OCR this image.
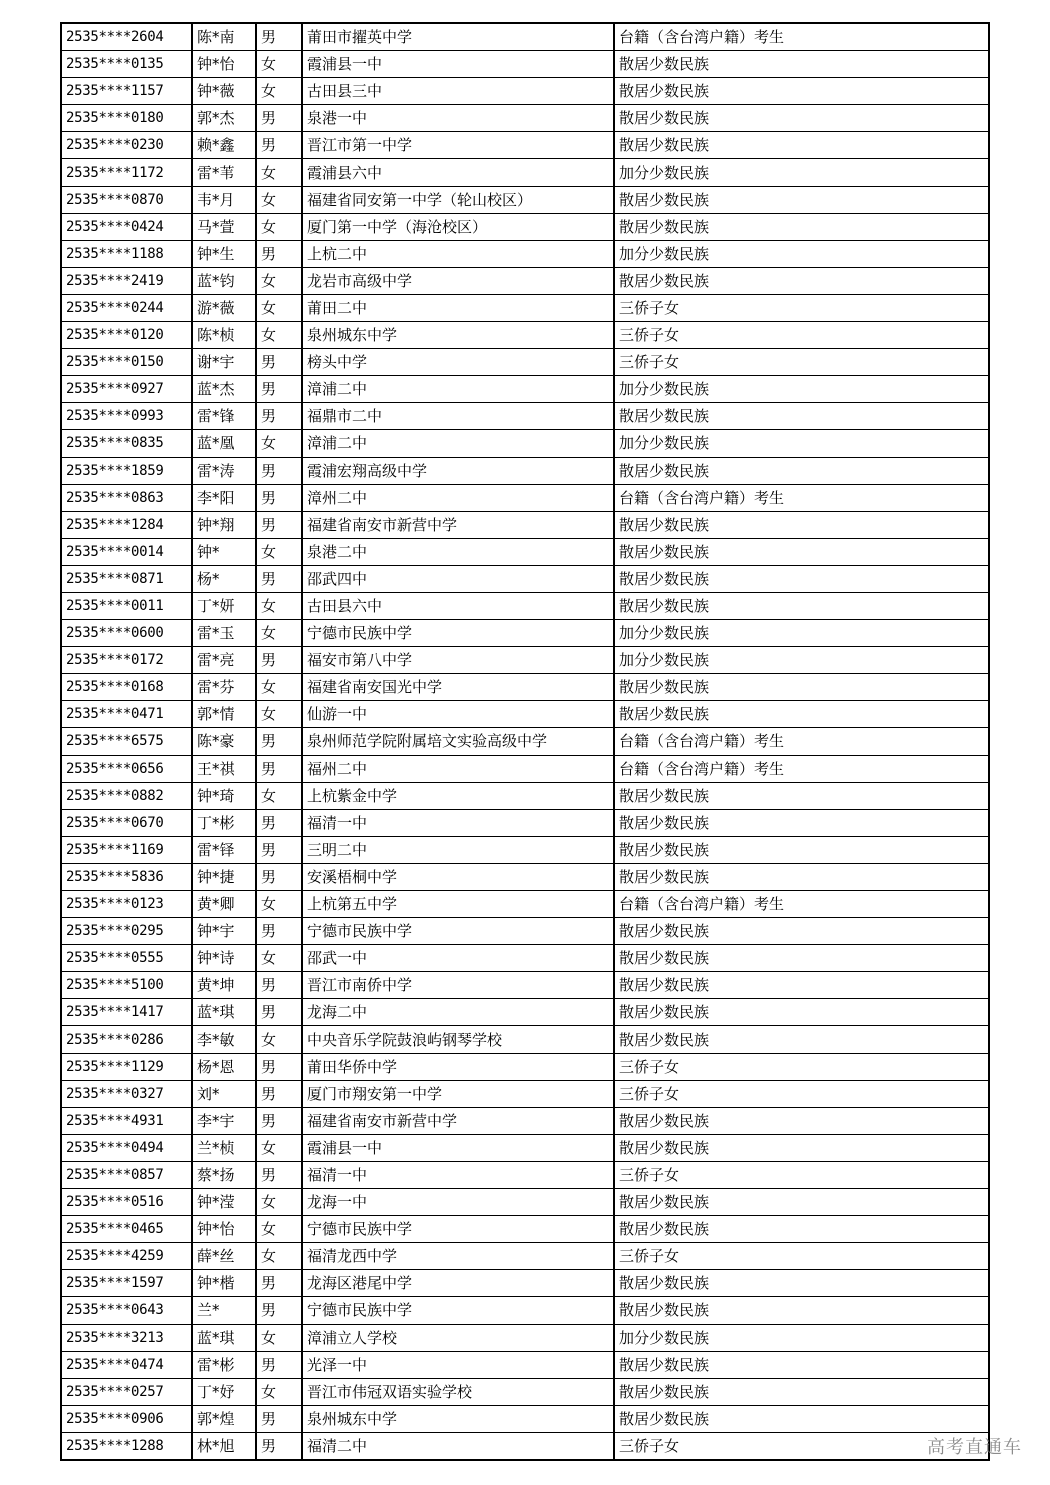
2535****2604	陈*南	男	莆田市擢英中学	台籍（含台湾户籍）考生
2535****0135	钟*怡	女	霞浦县一中	散居少数民族
2535****1157	钟*薇	女	古田县三中	散居少数民族
2535****0180	郭*杰	男	泉港一中	散居少数民族
2535****0230	赖*鑫	男	晋江市第一中学	散居少数民族
2535****1172	雷*苇	女	霞浦县六中	加分少数民族
2535****0870	韦*月	女	福建省同安第一中学（轮山校区）	散居少数民族
2535****0424	马*萱	女	厦门第一中学（海沧校区）	散居少数民族
2535****1188	钟*生	男	上杭二中	加分少数民族
2535****2419	蓝*钧	女	龙岩市高级中学	散居少数民族
2535****0244	游*薇	女	莆田二中	三侨子女
2535****0120	陈*桢	女	泉州城东中学	三侨子女
2535****0150	谢*宇	男	榜头中学	三侨子女
2535****0927	蓝*杰	男	漳浦二中	加分少数民族
2535****0993	雷*锋	男	福鼎市二中	散居少数民族
2535****0835	蓝*凰	女	漳浦二中	加分少数民族
2535****1859	雷*涛	男	霞浦宏翔高级中学	散居少数民族
2535****0863	李*阳	男	漳州二中	台籍（含台湾户籍）考生
2535****1284	钟*翔	男	福建省南安市新营中学	散居少数民族
2535****0014	钟*	女	泉港二中	散居少数民族
2535****0871	杨*	男	邵武四中	散居少数民族
2535****0011	丁*妍	女	古田县六中	散居少数民族
2535****0600	雷*玉	女	宁德市民族中学	加分少数民族
2535****0172	雷*亮	男	福安市第八中学	加分少数民族
2535****0168	雷*芬	女	福建省南安国光中学	散居少数民族
2535****0471	郭*情	女	仙游一中	散居少数民族
2535****6575	陈*豪	男	泉州师范学院附属培文实验高级中学	台籍（含台湾户籍）考生
2535****0656	王*祺	男	福州二中	台籍（含台湾户籍）考生
2535****0882	钟*琦	女	上杭紫金中学	散居少数民族
2535****0670	丁*彬	男	福清一中	散居少数民族
2535****1169	雷*铎	男	三明二中	散居少数民族
2535****5836	钟*捷	男	安溪梧桐中学	散居少数民族
2535****0123	黄*卿	女	上杭第五中学	台籍（含台湾户籍）考生
2535****0295	钟*宇	男	宁德市民族中学	散居少数民族
2535****0555	钟*诗	女	邵武一中	散居少数民族
2535****5100	黄*坤	男	晋江市南侨中学	散居少数民族
2535****1417	蓝*琪	男	龙海二中	散居少数民族
2535****0286	李*敏	女	中央音乐学院鼓浪屿钢琴学校	散居少数民族
2535****1129	杨*恩	男	莆田华侨中学	三侨子女
2535****0327	刘*	男	厦门市翔安第一中学	三侨子女
2535****4931	李*宇	男	福建省南安市新营中学	散居少数民族
2535****0494	兰*桢	女	霞浦县一中	散居少数民族
2535****0857	蔡*扬	男	福清一中	三侨子女
2535****0516	钟*滢	女	龙海一中	散居少数民族
2535****0465	钟*怡	女	宁德市民族中学	散居少数民族
2535****4259	薛*丝	女	福清龙西中学	三侨子女
2535****1597	钟*楷	男	龙海区港尾中学	散居少数民族
2535****0643	兰*	男	宁德市民族中学	散居少数民族
2535****3213	蓝*琪	女	漳浦立人学校	加分少数民族
2535****0474	雷*彬	男	光泽一中	散居少数民族
2535****0257	丁*妤	女	晋江市伟冠双语实验学校	散居少数民族
2535****0906	郭*煌	男	泉州城东中学	散居少数民族
2535****1288	林*旭	男	福清二中	三侨子女	高考直通车
